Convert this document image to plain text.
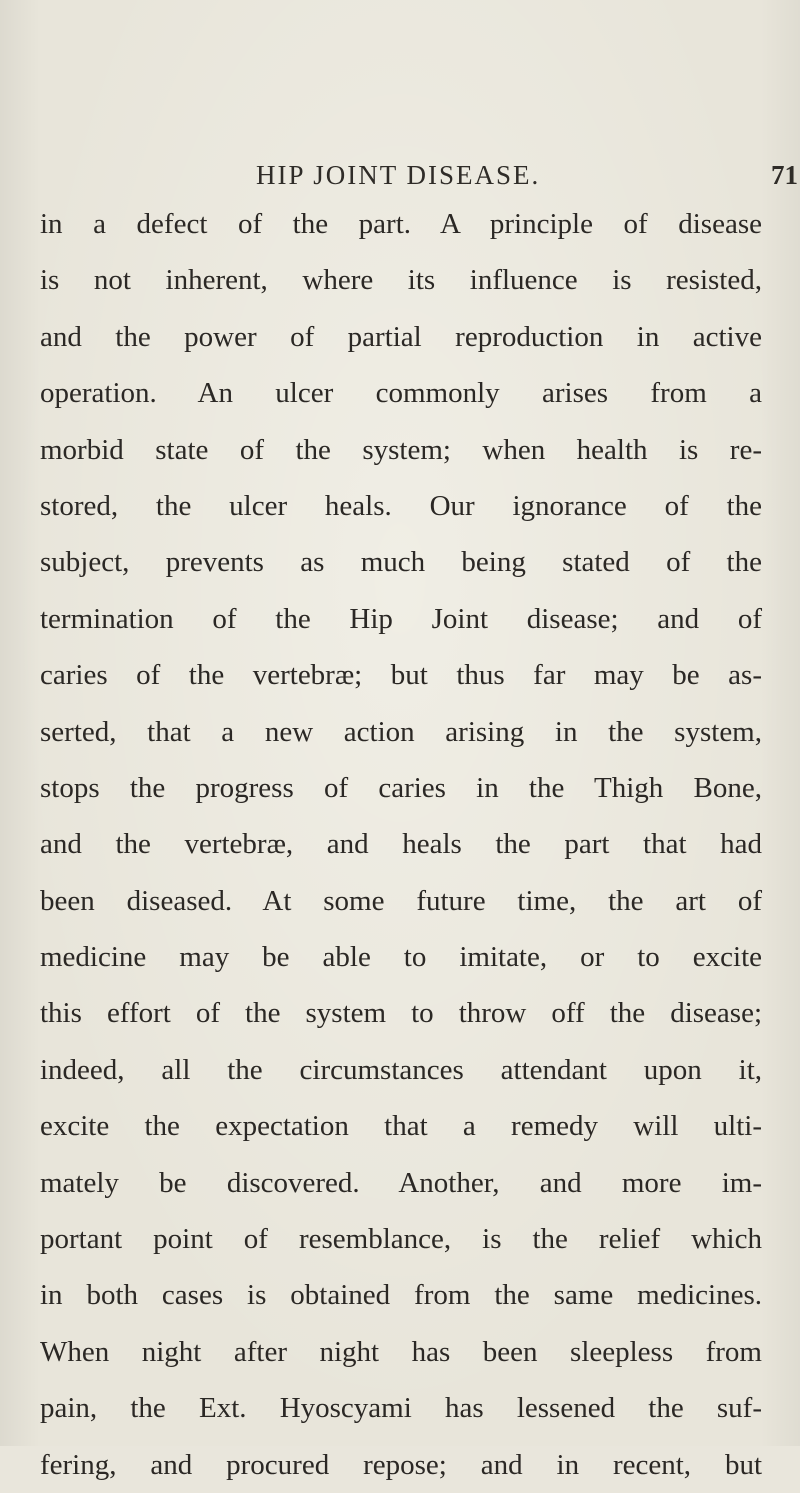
HIP JOINT DISEASE.	71
in a defect of the part. A principle of disease
is not inherent, where its influence is resisted,
and the power of partial reproduction in active
operation. An ulcer commonly arises from a
morbid state of the system; when health is re-
stored, the ulcer heals. Our ignorance of the
subject, prevents as much being stated of the
termination of the Hip Joint disease; and of
caries of the vertebræ; but thus far may be as-
serted, that a new action arising in the system,
stops the progress of caries in the Thigh Bone,
and the vertebræ, and heals the part that had
been diseased. At some future time, the art of
medicine may be able to imitate, or to excite
this effort of the system to throw off the disease;
indeed, all the circumstances attendant upon it,
excite the expectation that a remedy will ulti-
mately be discovered. Another, and more im-
portant point of resemblance, is the relief which
in both cases is obtained from the same medicines.
When night after night has been sleepless from
pain, the Ext. Hyoscyami has lessened the suf-
fering, and procured repose; and in recent, but
